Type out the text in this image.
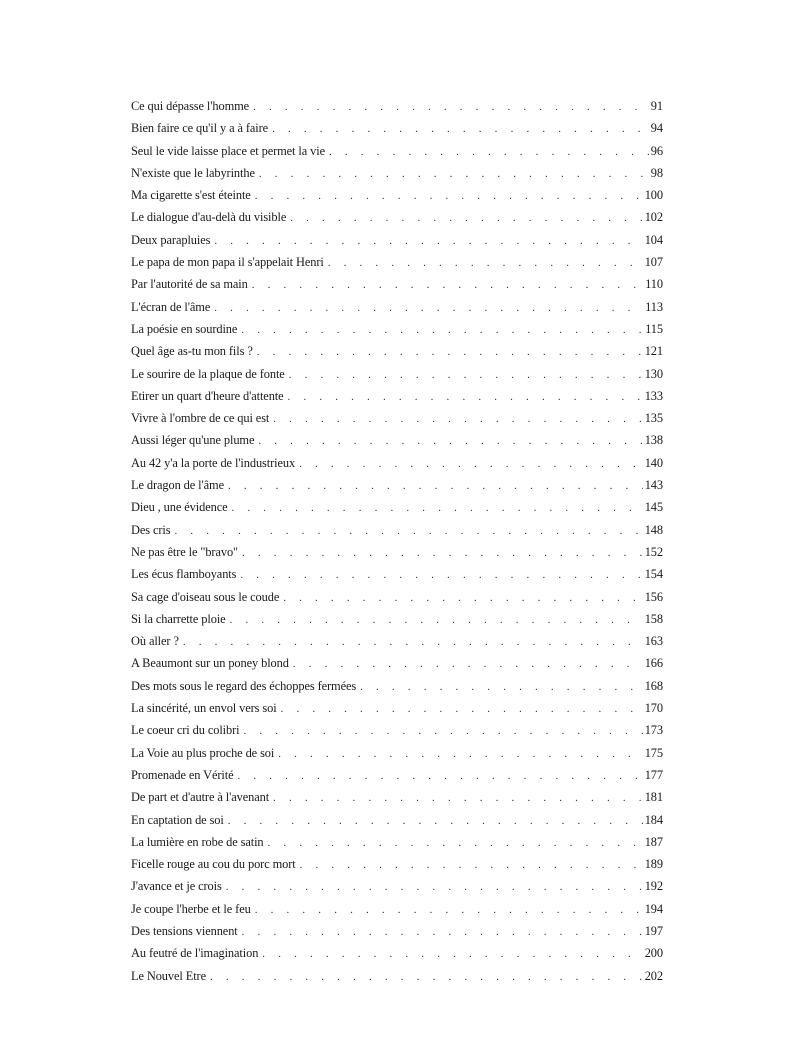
Ce qui dépasse l'homme . . .	91
Bien faire ce qu'il y a à faire . . .	94
Seul le vide laisse place et permet la vie . . .	96
N'existe que le labyrinthe . . .	98
Ma cigarette s'est éteinte . . .	100
Le dialogue d'au-delà du visible . . .	102
Deux parapluies . . .	104
Le papa de mon papa il s'appelait Henri . . .	107
Par l'autorité de sa main . . .	110
L'écran de l'âme . . .	113
La poésie en sourdine . . .	115
Quel âge as-tu mon fils ? . . .	121
Le sourire de la plaque de fonte . . .	130
Etirer un quart d'heure d'attente . . .	133
Vivre à l'ombre de ce qui est . . .	135
Aussi léger qu'une plume . . .	138
Au 42 y'a la porte de l'industrieux . . .	140
Le dragon de l'âme . . .	143
Dieu , une évidence . . .	145
Des cris . . .	148
Ne pas être le "bravo" . . .	152
Les écus flamboyants . . .	154
Sa cage d'oiseau sous le coude . . .	156
Si la charrette ploie . . .	158
Où aller ? . . .	163
A Beaumont sur un poney blond . . .	166
Des mots sous le regard des échoppes fermées . . .	168
La sincérité, un envol vers soi . . .	170
Le coeur cri du colibri . . .	173
La Voie au plus proche de soi . . .	175
Promenade en Vérité . . .	177
De part et d'autre à l'avenant . . .	181
En captation de soi . . .	184
La lumière en robe de satin . . .	187
Ficelle rouge au cou du porc mort . . .	189
J'avance et je crois . . .	192
Je coupe l'herbe et le feu . . .	194
Des tensions viennent . . .	197
Au feutré de l'imagination . . .	200
Le Nouvel Etre . . .	202
